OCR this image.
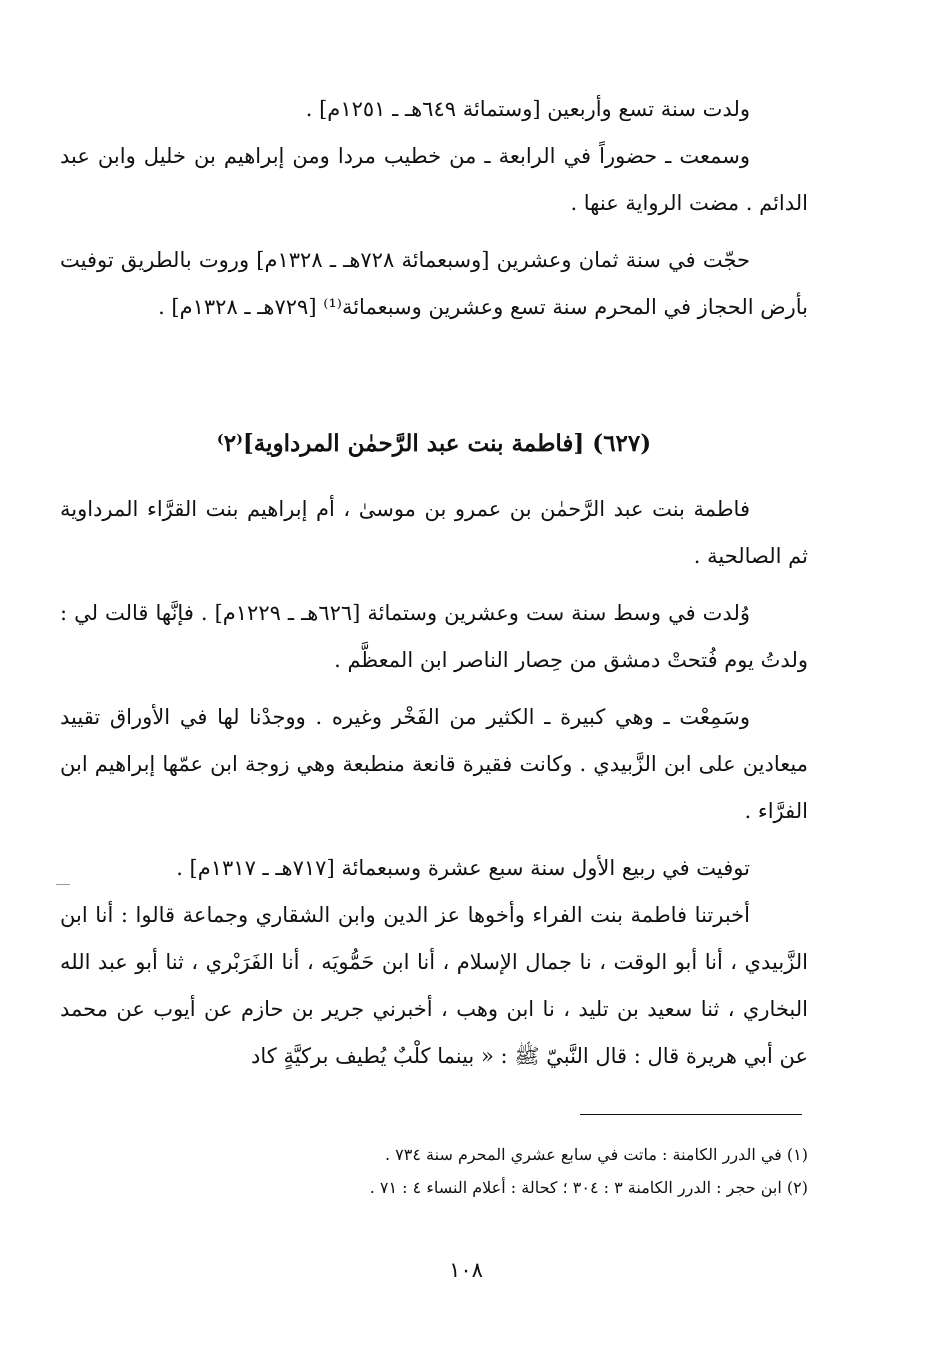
ولدت سنة تسع وأربعين [وستمائة ٦٤٩هـ ـ ١٢٥١م] .

وسمعت ـ حضوراً في الرابعة ـ من خطيب مردا ومن إبراهيم بن خليل وابن عبد الدائم . مضت الرواية عنها .

حجّت في سنة ثمان وعشرين [وسبعمائة ٧٢٨هـ ـ ١٣٢٨م] وروت بالطريق توفيت بأرض الحجاز في المحرم سنة تسع وعشرين وسبعمائة⁽¹⁾ [٧٢٩هـ ـ ١٣٢٨م] .

(٦٢٧) [فاطمة بنت عبد الرَّحمٰن المرداوية]⁽٢⁾

فاطمة بنت عبد الرَّحمٰن بن عمرو بن موسىٰ ، أم إبراهيم بنت القرَّاء المرداوية ثم الصالحية .

وُلدت في وسط سنة ست وعشرين وستمائة [٦٢٦هـ ـ ١٢٢٩م] . فإنَّها قالت لي : ولدتُ يوم فُتحتْ دمشق من حِصار الناصر ابن المعظَّم .

وسَمِعْت ـ وهي كبيرة ـ الكثير من الفَخْر وغيره . ووجدْنا لها في الأوراق تقييد ميعادين على ابن الزَّبيدي . وكانت فقيرة قانعة منطبعة وهي زوجة ابن عمّها إبراهيم ابن الفرَّاء .

توفيت في ربيع الأول سنة سبع عشرة وسبعمائة [٧١٧هـ ـ ١٣١٧م] .

أخبرتنا فاطمة بنت الفراء وأخوها عز الدين وابن الشقاري وجماعة قالوا : أنا ابن الزَّبيدي ، أنا أبو الوقت ، نا جمال الإسلام ، أنا ابن حَمُّويَه ، أنا الفَرَبْري ، ثنا أبو عبد الله البخاري ، ثنا سعيد بن تليد ، نا ابن وهب ، أخبرني جرير بن حازم عن أيوب عن محمد عن أبي هريرة قال : قال النَّبيّ ﷺ : « بينما كلْبٌ يُطيف بركيَّةٍ كاد

(١) في الدرر الكامنة : ماتت في سابع عشري المحرم سنة ٧٣٤ .

(٢) ابن حجر : الدرر الكامنة ٣ : ٣٠٤ ؛ كحالة : أعلام النساء ٤ : ٧١ .

١٠٨
